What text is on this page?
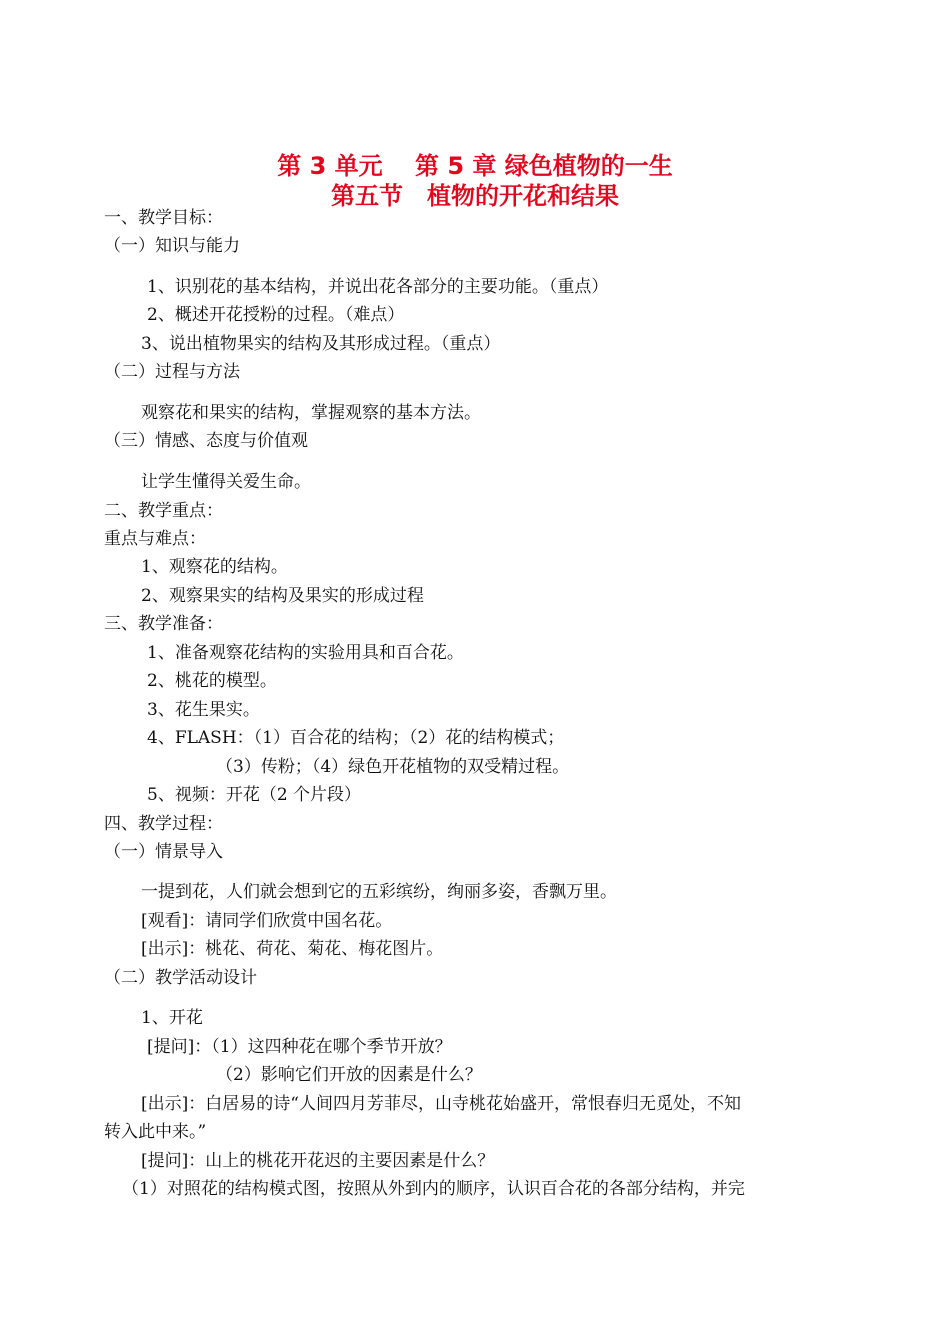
第 3 单元　 第 5 章 绿色植物的一生
第五节　植物的开花和结果
一、教学目标：
（一）知识与能力
1、识别花的基本结构，并说出花各部分的主要功能。（重点）
2、概述开花授粉的过程。（难点）
3、说出植物果实的结构及其形成过程。（重点）
（二）过程与方法
观察花和果实的结构，掌握观察的基本方法。
（三）情感、态度与价值观
让学生懂得关爱生命。
二、教学重点：
重点与难点：
1、观察花的结构。
2、观察果实的结构及果实的形成过程
三、教学准备：
1、准备观察花结构的实验用具和百合花。
2、桃花的模型。
3、花生果实。
4、FLASH：（1）百合花的结构；（2）花的结构模式；
（3）传粉；（4）绿色开花植物的双受精过程。
5、视频：开花（2 个片段）
四、教学过程：
（一）情景导入
一提到花，人们就会想到它的五彩缤纷，绚丽多姿，香飘万里。
[观看]：请同学们欣赏中国名花。
[出示]：桃花、荷花、菊花、梅花图片。
（二）教学活动设计
1、开花
[提问]：（1）这四种花在哪个季节开放？
（2）影响它们开放的因素是什么？
[出示]：白居易的诗“人间四月芳菲尽，山寺桃花始盛开，常恨春归无觅处，不知
转入此中来。”
[提问]：山上的桃花开花迟的主要因素是什么？
（1）对照花的结构模式图，按照从外到内的顺序，认识百合花的各部分结构，并完
